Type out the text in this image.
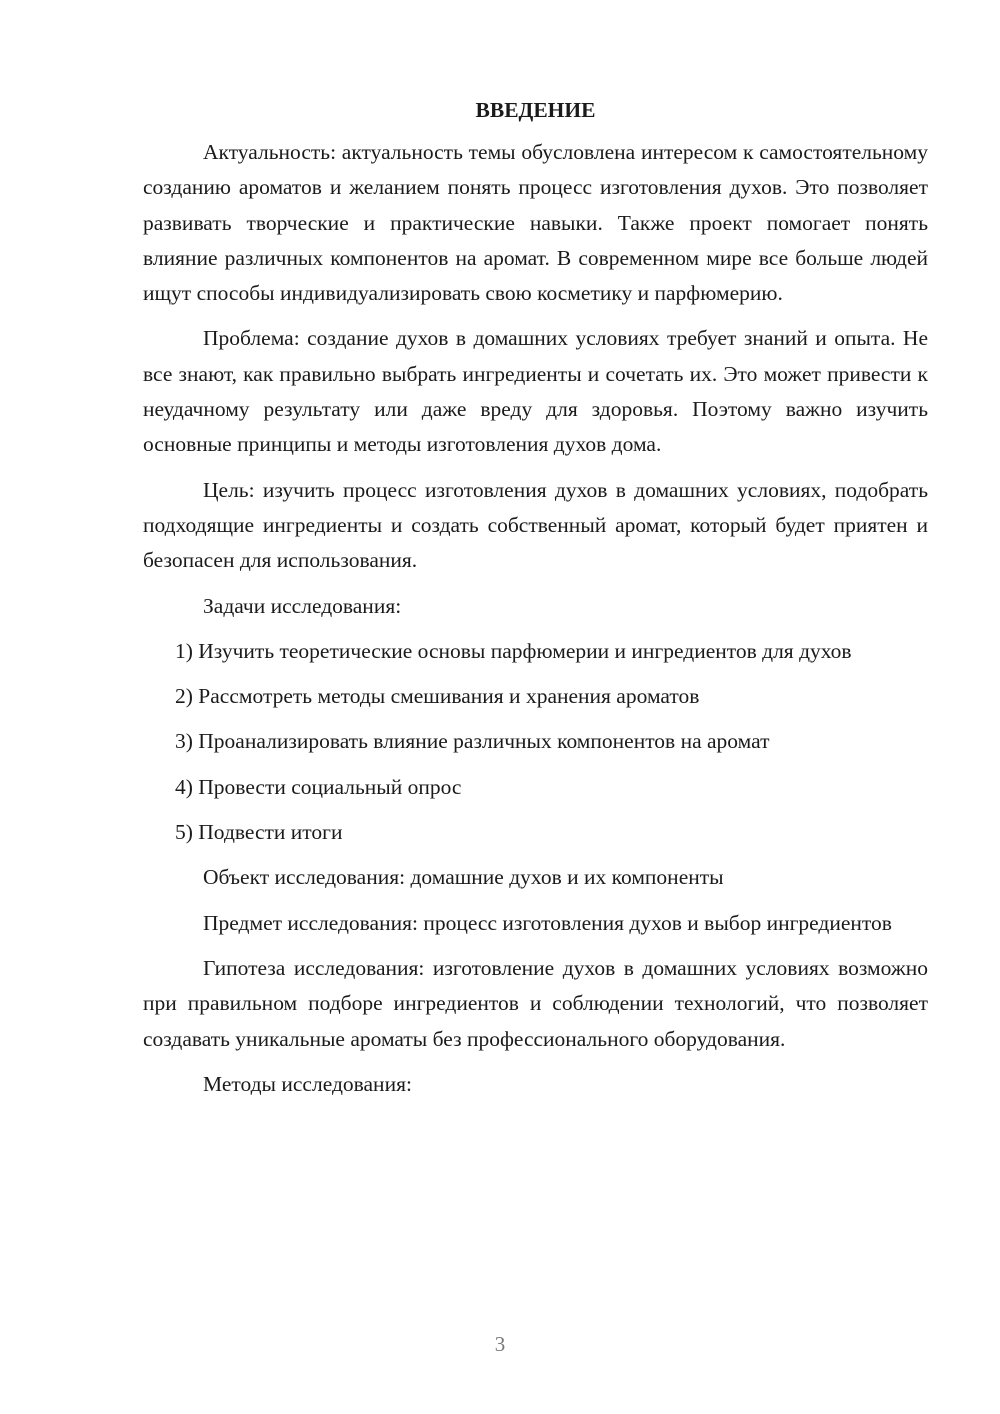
ВВЕДЕНИЕ

Актуальность: актуальность темы обусловлена интересом к самостоятельному созданию ароматов и желанием понять процесс изготовления духов. Это позволяет развивать творческие и практические навыки. Также проект помогает понять влияние различных компонентов на аромат. В современном мире все больше людей ищут способы индивидуализировать свою косметику и парфюмерию.

Проблема: создание духов в домашних условиях требует знаний и опыта. Не все знают, как правильно выбрать ингредиенты и сочетать их. Это может привести к неудачному результату или даже вреду для здоровья. Поэтому важно изучить основные принципы и методы изготовления духов дома.

Цель: изучить процесс изготовления духов в домашних условиях, подобрать подходящие ингредиенты и создать собственный аромат, который будет приятен и безопасен для использования.

Задачи исследования:

1) Изучить теоретические основы парфюмерии и ингредиентов для духов

2) Рассмотреть методы смешивания и хранения ароматов

3) Проанализировать влияние различных компонентов на аромат

4) Провести социальный опрос

5) Подвести итоги

Объект исследования: домашние духов и их компоненты

Предмет исследования: процесс изготовления духов и выбор ингредиентов

Гипотеза исследования: изготовление духов в домашних условиях возможно при правильном подборе ингредиентов и соблюдении технологий, что позволяет создавать уникальные ароматы без профессионального оборудования.

Методы исследования:

3
